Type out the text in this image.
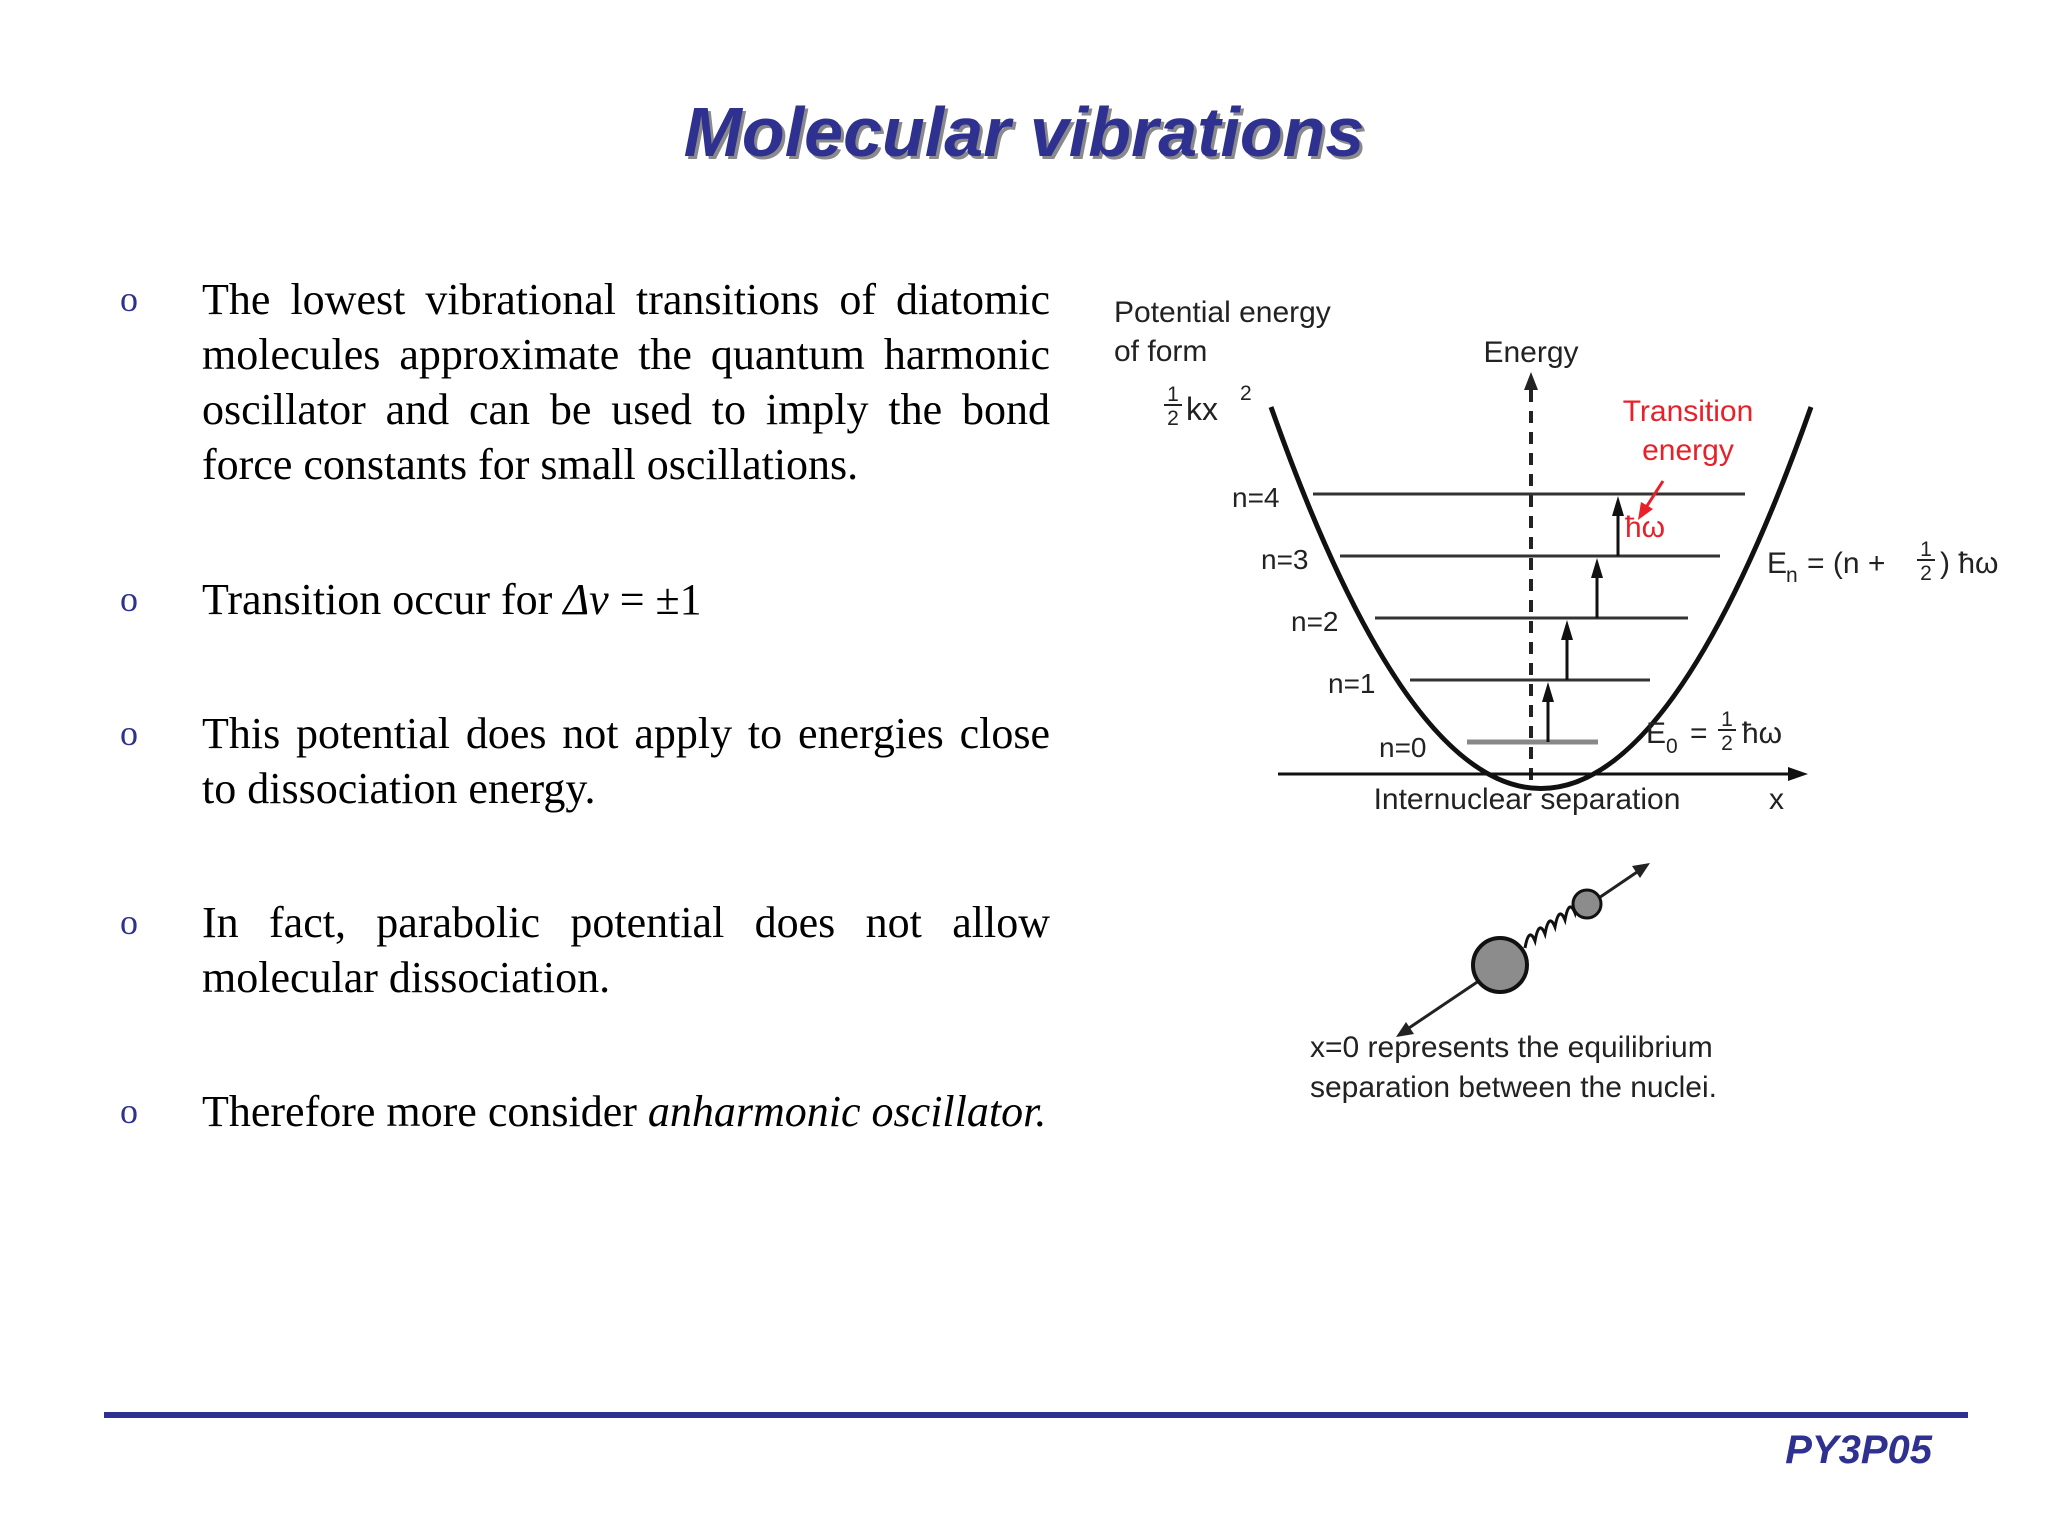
Molecular vibrations
o	The lowest vibrational transitions of diatomic molecules approximate the quantum harmonic oscillator and can be used to imply the bond force constants for small oscillations.
o	Transition occur for Δv = ±1
o	This potential does not apply to energies close to dissociation energy.
o	In fact, parabolic potential does not allow molecular dissociation.
o	Therefore more consider anharmonic oscillator.
Potential energy
of form
1
2 kx 2
Energy
n=4
n=3
n=2
n=1
n=0
Internuclear separation	x
Transition
energy
ħω
E
n = (n + 1
2 ) ħω
E 0 = 1
2 ħω
x=0 represents the equilibrium
separation between the nuclei.
PY3P05
